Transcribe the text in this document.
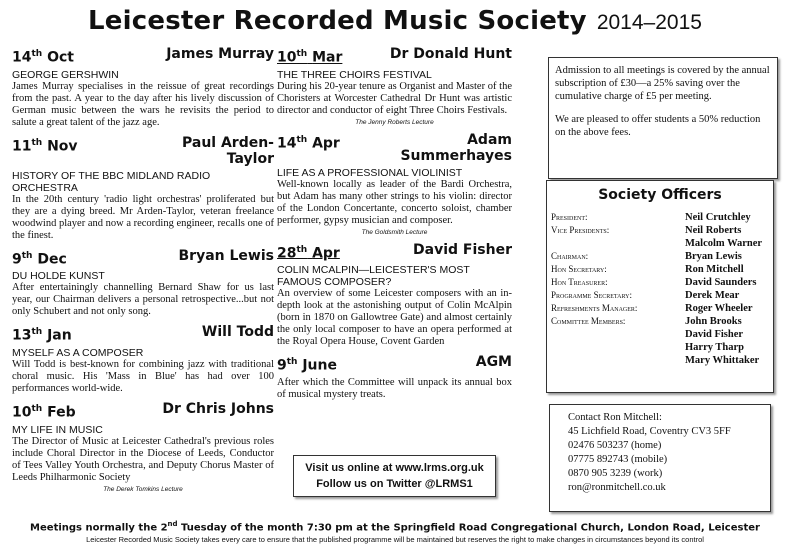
Leicester Recorded Music Society 2014–2015
14th Oct	James Murray
GEORGE GERSHWIN
James Murray specialises in the reissue of great recordings from the past. A year to the day after his lively discussion of German music between the wars he revisits the period to salute a great talent of the jazz age.
11th Nov	Paul Arden-Taylor
HISTORY OF THE BBC MIDLAND RADIO ORCHESTRA
In the 20th century 'radio light orchestras' proliferated but they are a dying breed. Mr Arden-Taylor, veteran freelance woodwind player and now a recording engineer, recalls one of the finest.
9th Dec	Bryan Lewis
DU HOLDE KUNST
After entertainingly channelling Bernard Shaw for us last year, our Chairman delivers a personal retrospective...but not only Schubert and not only song.
13th Jan	Will Todd
MYSELF AS A COMPOSER
Will Todd is best-known for combining jazz with traditional choral music. His 'Mass in Blue' has had over 100 performances world-wide.
10th Feb	Dr Chris Johns
MY LIFE IN MUSIC
The Director of Music at Leicester Cathedral's previous roles include Choral Director in the Diocese of Leeds, Conductor of Tees Valley Youth Orchestra, and Deputy Chorus Master of Leeds Philharmonic Society
The Derek Tomkins Lecture
10th Mar	Dr Donald Hunt
THE THREE CHOIRS FESTIVAL
During his 20-year tenure as Organist and Master of the Choristers at Worcester Cathedral Dr Hunt was artistic director and conductor of eight Three Choirs Festivals.
The Jenny Roberts Lecture
14th Apr	Adam Summerhayes
LIFE AS A PROFESSIONAL VIOLINIST
Well-known locally as leader of the Bardi Orchestra, but Adam has many other strings to his violin: director of the London Concertante, concerto soloist, chamber performer, gypsy musician and composer.
The Goldsmith Lecture
28th Apr	David Fisher
COLIN MCALPIN—LEICESTER'S MOST FAMOUS COMPOSER?
An overview of some Leicester composers with an in-depth look at the astonishing output of Colin McAlpin (born in 1870 on Gallowtree Gate) and almost certainly the only local composer to have an opera performed at the Royal Opera House, Covent Garden
9th June	AGM
After which the Committee will unpack its annual box of musical mystery treats.

Admission to all meetings is covered by the annual subscription of £30—a 25% saving over the cumulative charge of £5 per meeting.

We are pleased to offer students a 50% reduction on the above fees.

Society Officers
President:	Neil Crutchley
Vice Presidents:	Neil Roberts
Malcolm Warner
Chairman:	Bryan Lewis
Hon Secretary:	Ron Mitchell
Hon Treasurer:	David Saunders
Programme Secretary:	Derek Mear
Refreshments Manager:	Roger Wheeler
Committee Members:	John Brooks
David Fisher
Harry Tharp
Mary Whittaker
Contact Ron Mitchell:
45 Lichfield Road, Coventry CV3 5FF
02476 503237 (home)
07775 892743 (mobile)
0870 905 3239 (work)
ron@ronmitchell.co.uk
Visit us online at www.lrms.org.uk
Follow us on Twitter @LRMS1
Meetings normally the 2nd Tuesday of the month 7:30 pm at the Springfield Road Congregational Church, London Road, Leicester
Leicester Recorded Music Society takes every care to ensure that the published programme will be maintained but reserves the right to make changes in circumstances beyond its control
